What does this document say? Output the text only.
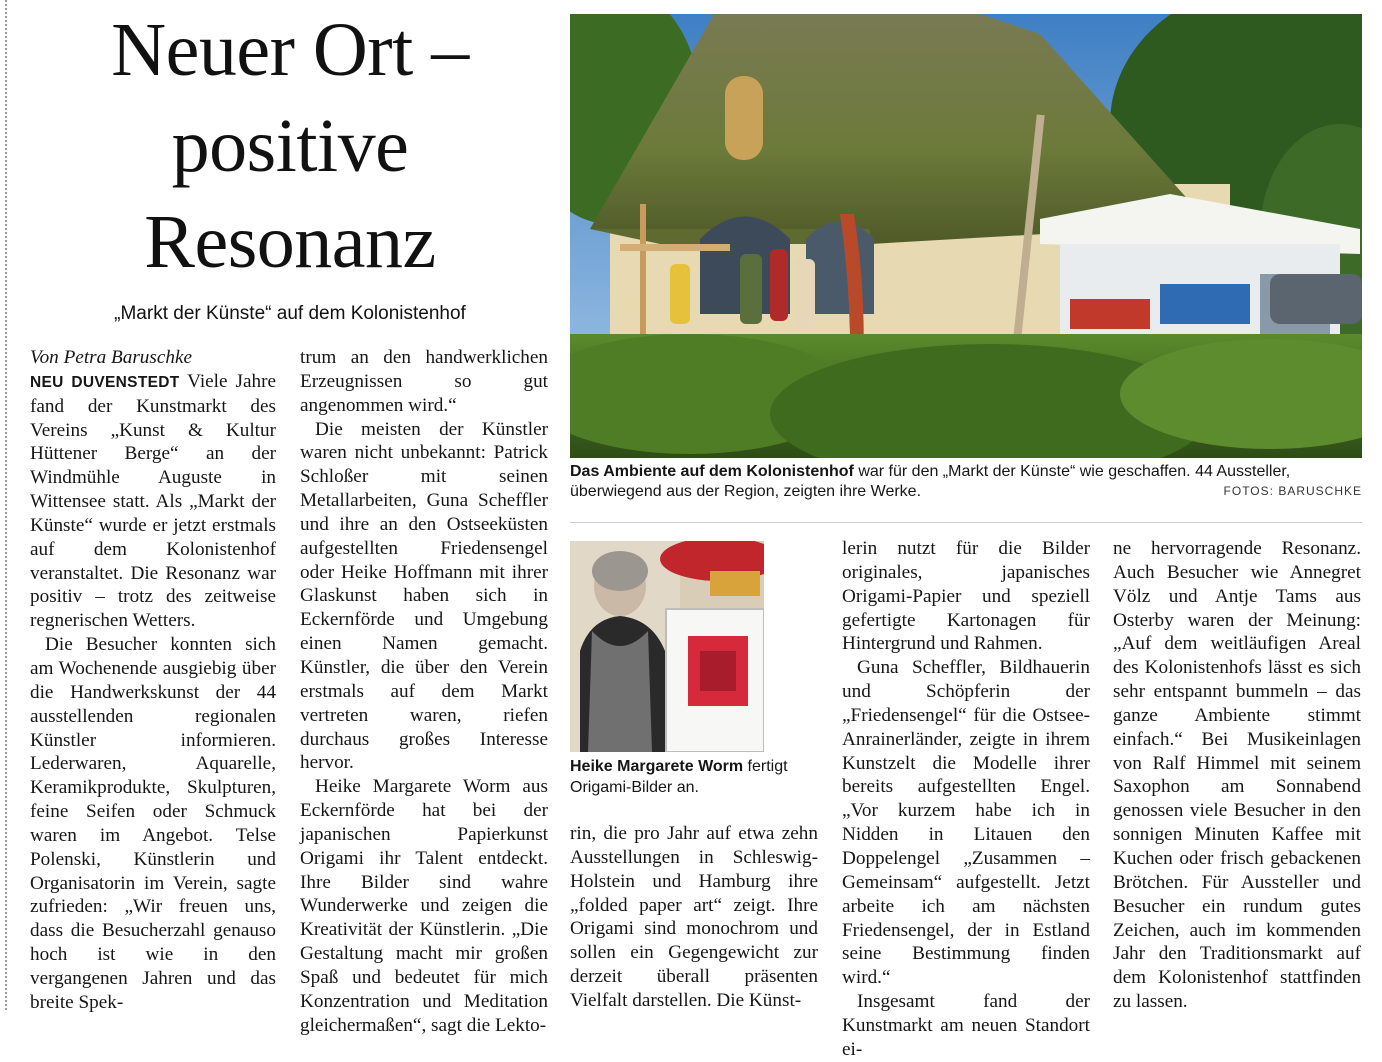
Neuer Ort –
positive
Resonanz

„Markt der Künste“ auf dem Kolonistenhof

Von Petra Baruschke

NEU DUVENSTEDT Viele Jahre fand der Kunstmarkt des Vereins „Kunst & Kultur Hüttener Berge“ an der Windmühle Auguste in Wittensee statt. Als „Markt der Künste“ wurde er jetzt erstmals auf dem Kolonistenhof veranstaltet. Die Resonanz war positiv – trotz des zeitweise regnerischen Wetters.

Die Besucher konnten sich am Wochenende ausgiebig über die Handwerkskunst der 44 ausstellenden regionalen Künstler informieren. Lederwaren, Aquarelle, Keramikprodukte, Skulpturen, feine Seifen oder Schmuck waren im Angebot. Telse Polenski, Künstlerin und Organisatorin im Verein, sagte zufrieden: „Wir freuen uns, dass die Besucherzahl genauso hoch ist wie in den vergangenen Jahren und das breite Spek-

trum an den handwerklichen Erzeugnissen so gut angenommen wird.“

Die meisten der Künstler waren nicht unbekannt: Patrick Schloßer mit seinen Metallarbeiten, Guna Scheffler und ihre an den Ostseeküsten aufgestellten Friedensengel oder Heike Hoffmann mit ihrer Glaskunst haben sich in Eckernförde und Umgebung einen Namen gemacht. Künstler, die über den Verein erstmals auf dem Markt vertreten waren, riefen durchaus großes Interesse hervor.

Heike Margarete Worm aus Eckernförde hat bei der japanischen Papierkunst Origami ihr Talent entdeckt. Ihre Bilder sind wahre Wunderwerke und zeigen die Kreativität der Künstlerin. „Die Gestaltung macht mir großen Spaß und bedeutet für mich Konzentration und Meditation gleichermaßen“, sagt die Lekto-

Das Ambiente auf dem Kolonistenhof war für den „Markt der Künste“ wie geschaffen. 44 Aussteller, überwiegend aus der Region, zeigten ihre Werke.	FOTOS: BARUSCHKE
Heike Margarete Worm fertigt Origami-Bilder an.

rin, die pro Jahr auf etwa zehn Ausstellungen in Schleswig-Holstein und Hamburg ihre „folded paper art“ zeigt. Ihre Origami sind monochrom und sollen ein Gegengewicht zur derzeit überall präsenten Vielfalt darstellen. Die Künst-

lerin nutzt für die Bilder originales, japanisches Origami-Papier und speziell gefertigte Kartonagen für Hintergrund und Rahmen.

Guna Scheffler, Bildhauerin und Schöpferin der „Friedensengel“ für die Ostsee-Anrainerländer, zeigte in ihrem Kunstzelt die Modelle ihrer bereits aufgestellten Engel. „Vor kurzem habe ich in Nidden in Litauen den Doppelengel „Zusammen – Gemeinsam“ aufgestellt. Jetzt arbeite ich am nächsten Friedensengel, der in Estland seine Bestimmung finden wird.“

Insgesamt fand der Kunstmarkt am neuen Standort ei-

ne hervorragende Resonanz. Auch Besucher wie Annegret Völz und Antje Tams aus Osterby waren der Meinung: „Auf dem weitläufigen Areal des Kolonistenhofs lässt es sich sehr entspannt bummeln – das ganze Ambiente stimmt einfach.“ Bei Musikeinlagen von Ralf Himmel mit seinem Saxophon am Sonnabend genossen viele Besucher in den sonnigen Minuten Kaffee mit Kuchen oder frisch gebackenen Brötchen. Für Aussteller und Besucher ein rundum gutes Zeichen, auch im kommenden Jahr den Traditionsmarkt auf dem Kolonistenhof stattfinden zu lassen.
